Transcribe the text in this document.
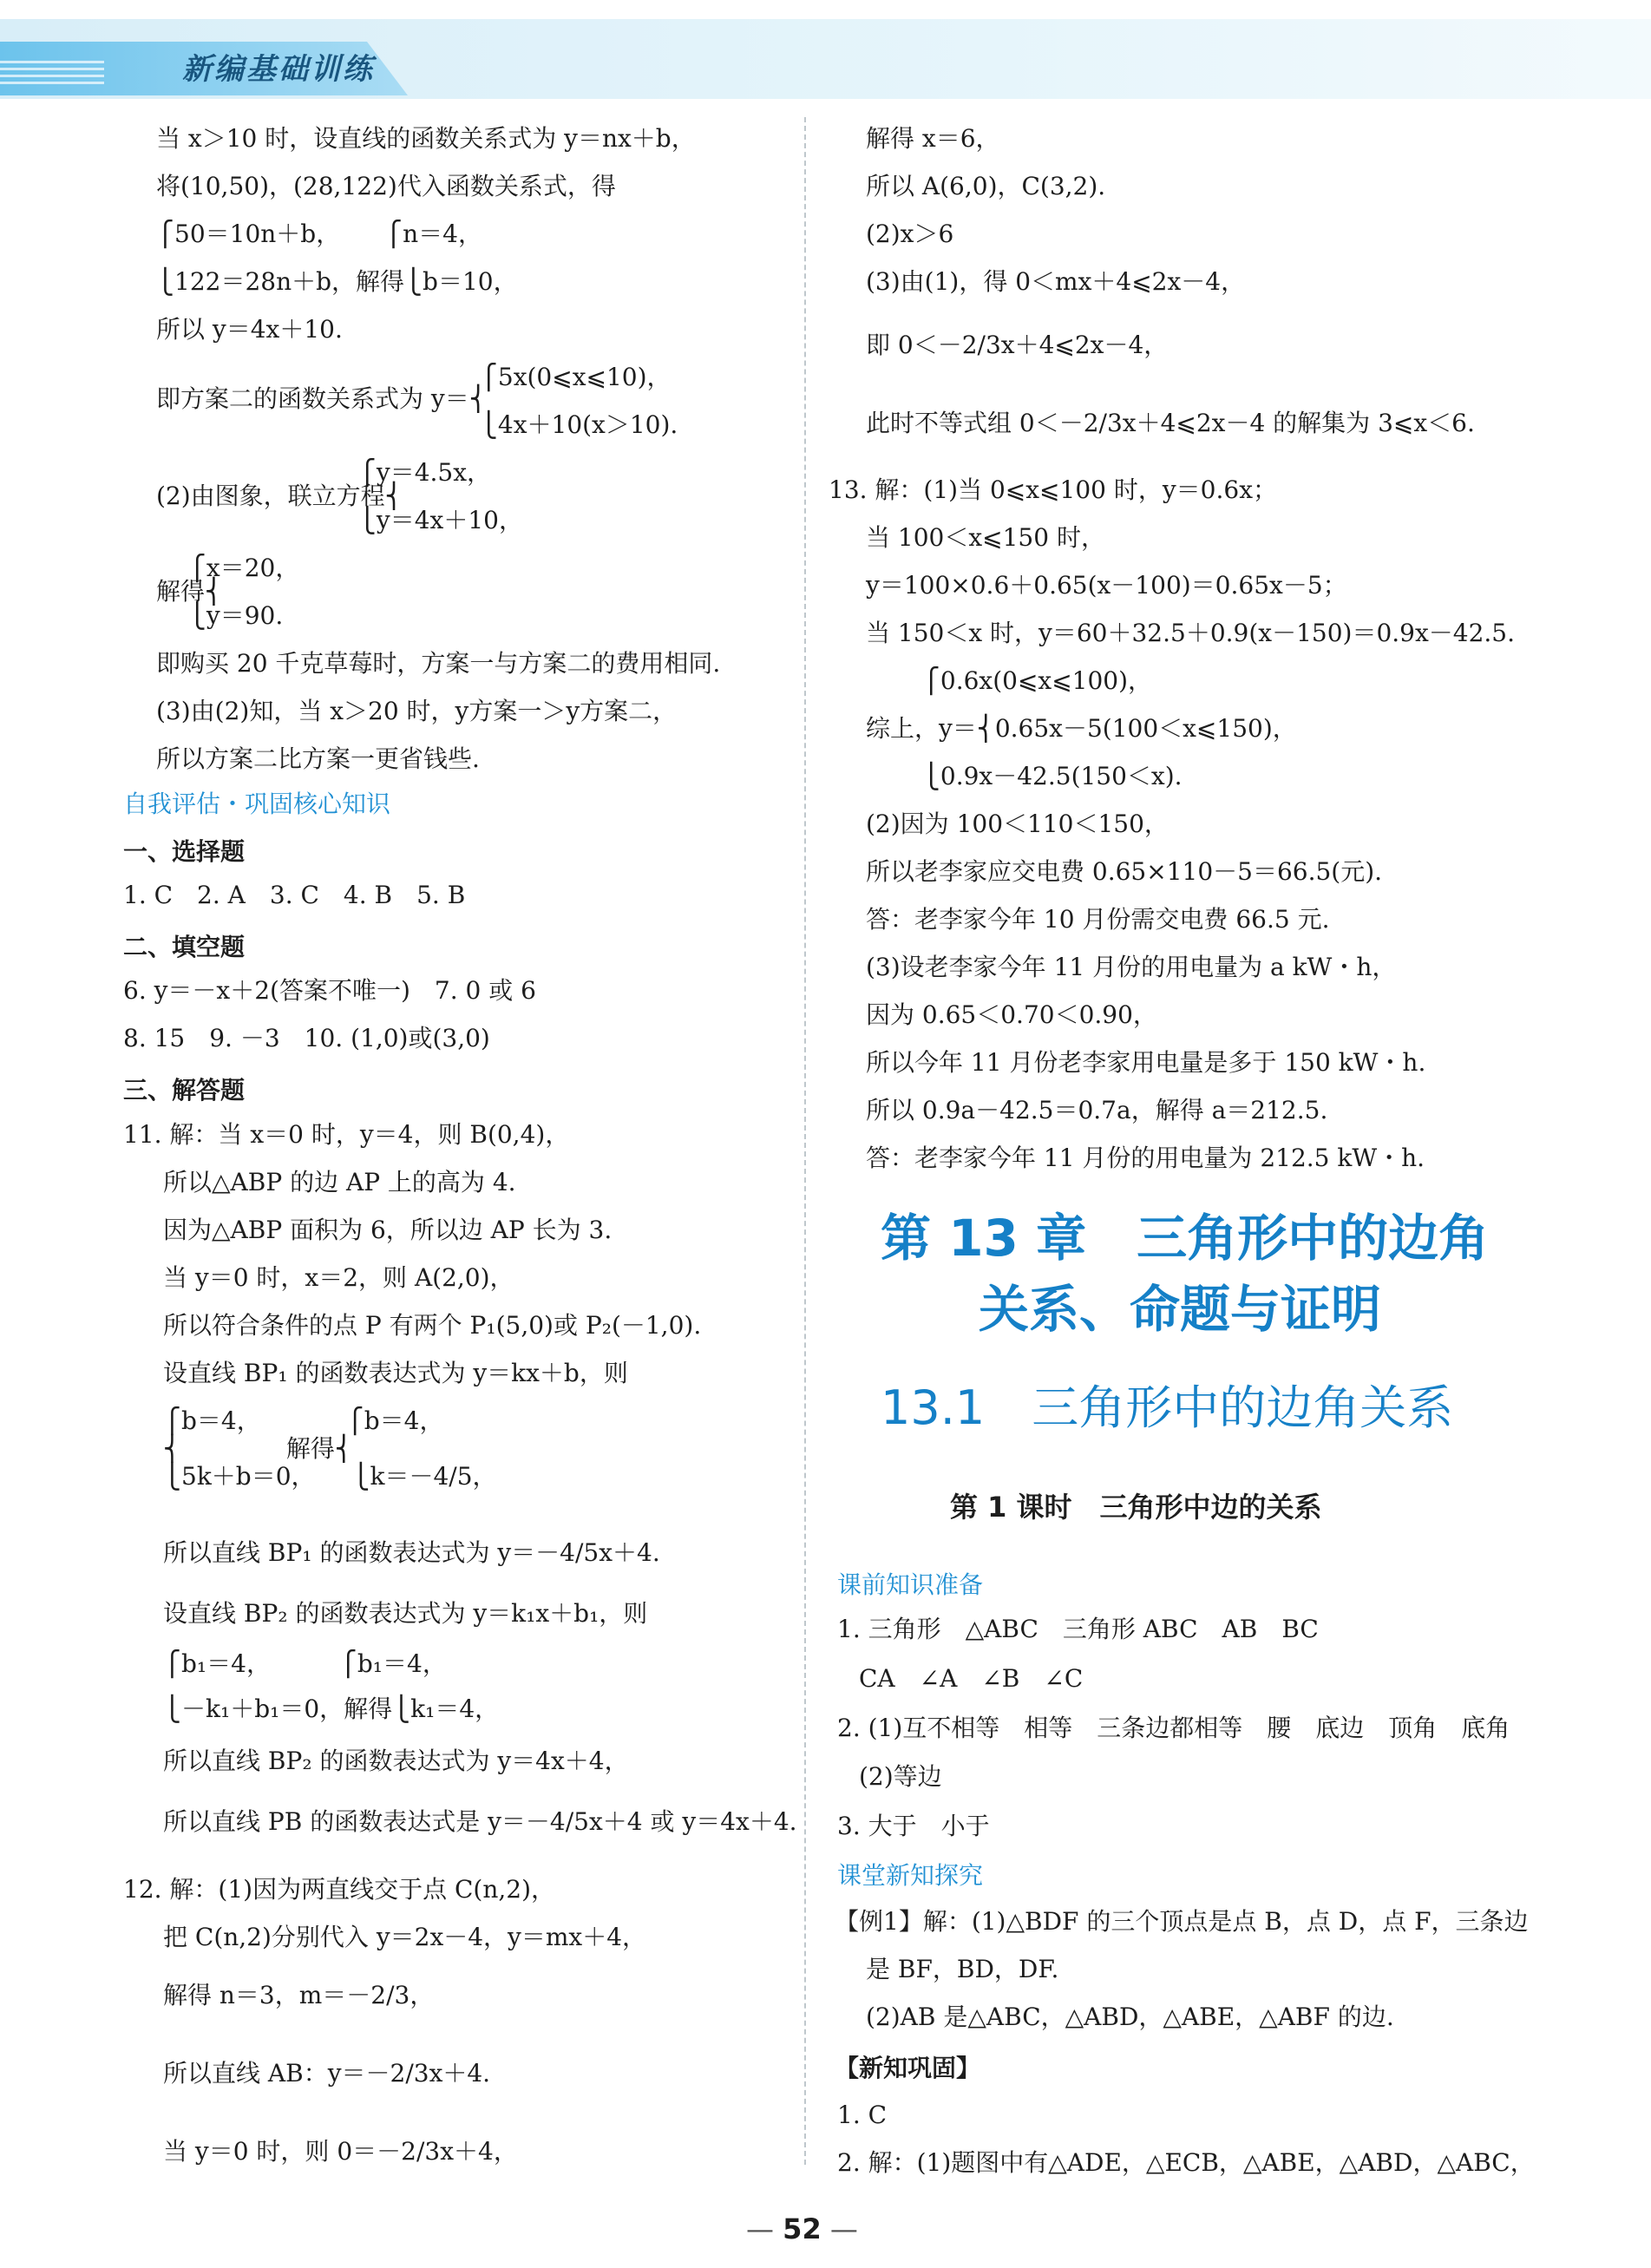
新编基础训练
当 x＞10 时，设直线的函数关系式为 y＝nx＋b，
将(10,50)，(28,122)代入函数关系式，得
⎧50＝10n＋b，　　 ⎧n＝4，
⎩122＝28n＋b，解得⎩b＝10，
所以 y＝4x＋10.
　　　　　　　　　　　　　 ⎧5x(0⩽x⩽10)，
即方案二的函数关系式为 y＝⎨
　　　　　　　　　　　　　 ⎩4x＋10(x＞10).
　　　　　　　　 ⎧y＝4.5x，
(2)由图象，联立方程⎨
　　　　　　　　 ⎩y＝4x＋10，
　 ⎧x＝20，
解得⎨
　 ⎩y＝90.
即购买 20 千克草莓时，方案一与方案二的费用相同.
(3)由(2)知，当 x＞20 时，y方案一＞y方案二，
所以方案二比方案一更省钱些.
自我评估・巩固核心知识
一、选择题
1. C　2. A　3. C　4. B　5. B
二、填空题
6. y＝－x＋2(答案不唯一)　7. 0 或 6
8. 15　9. －3　10. (1,0)或(3,0)
三、解答题
11. 解：当 x＝0 时，y＝4，则 B(0,4)，
所以△ABP 的边 AP 上的高为 4.
因为△ABP 面积为 6，所以边 AP 长为 3.
当 y＝0 时，x＝2，则 A(2,0)，
所以符合条件的点 P 有两个 P₁(5,0)或 P₂(－1,0).
设直线 BP₁ 的函数表达式为 y＝kx＋b，则
⎧b＝4，　　　　⎧b＝4，
⎨　　　　 解得⎨
⎩5k＋b＝0，　　⎩k＝－4/5，
所以直线 BP₁ 的函数表达式为 y＝－4/5x＋4.
设直线 BP₂ 的函数表达式为 y＝k₁x＋b₁，则
⎧b₁＝4，　　　 ⎧b₁＝4，
⎩－k₁＋b₁＝0，解得⎩k₁＝4，
所以直线 BP₂ 的函数表达式为 y＝4x＋4，
所以直线 PB 的函数表达式是 y＝－4/5x＋4 或 y＝4x＋4.
12. 解：(1)因为两直线交于点 C(n,2)，
把 C(n,2)分别代入 y＝2x－4，y＝mx＋4，
解得 n＝3，m＝－2/3，
所以直线 AB：y＝－2/3x＋4.
当 y＝0 时，则 0＝－2/3x＋4，
解得 x＝6，
所以 A(6,0)，C(3,2).
(2)x＞6
(3)由(1)，得 0＜mx＋4⩽2x－4，
即 0＜－2/3x＋4⩽2x－4，
此时不等式组 0＜－2/3x＋4⩽2x－4 的解集为 3⩽x＜6.
13. 解：(1)当 0⩽x⩽100 时，y＝0.6x；
当 100＜x⩽150 时，
y＝100×0.6＋0.65(x－100)＝0.65x－5；
当 150＜x 时，y＝60＋32.5＋0.9(x－150)＝0.9x－42.5.
　　 ⎧0.6x(0⩽x⩽100)，
综上，y＝⎨0.65x－5(100＜x⩽150)，
　　 ⎩0.9x－42.5(150＜x).
(2)因为 100＜110＜150，
所以老李家应交电费 0.65×110－5＝66.5(元).
答：老李家今年 10 月份需交电费 66.5 元.
(3)设老李家今年 11 月份的用电量为 a kW・h，
因为 0.65＜0.70＜0.90，
所以今年 11 月份老李家用电量是多于 150 kW・h.
所以 0.9a－42.5＝0.7a，解得 a＝212.5.
答：老李家今年 11 月份的用电量为 212.5 kW・h.
第 13 章　三角形中的边角
关系、命题与证明
13.1　三角形中的边角关系
第 1 课时　三角形中边的关系
课前知识准备
1. 三角形　△ABC　三角形 ABC　AB　BC
CA　∠A　∠B　∠C
2. (1)互不相等　相等　三条边都相等　腰　底边　顶角　底角
(2)等边
3. 大于　小于
课堂新知探究
【例1】解：(1)△BDF 的三个顶点是点 B，点 D，点 F，三条边
是 BF，BD，DF.
(2)AB 是△ABC，△ABD，△ABE，△ABF 的边.
【新知巩固】
1. C
2. 解：(1)题图中有△ADE，△ECB，△ABE，△ABD，△ABC，
— 52 —
